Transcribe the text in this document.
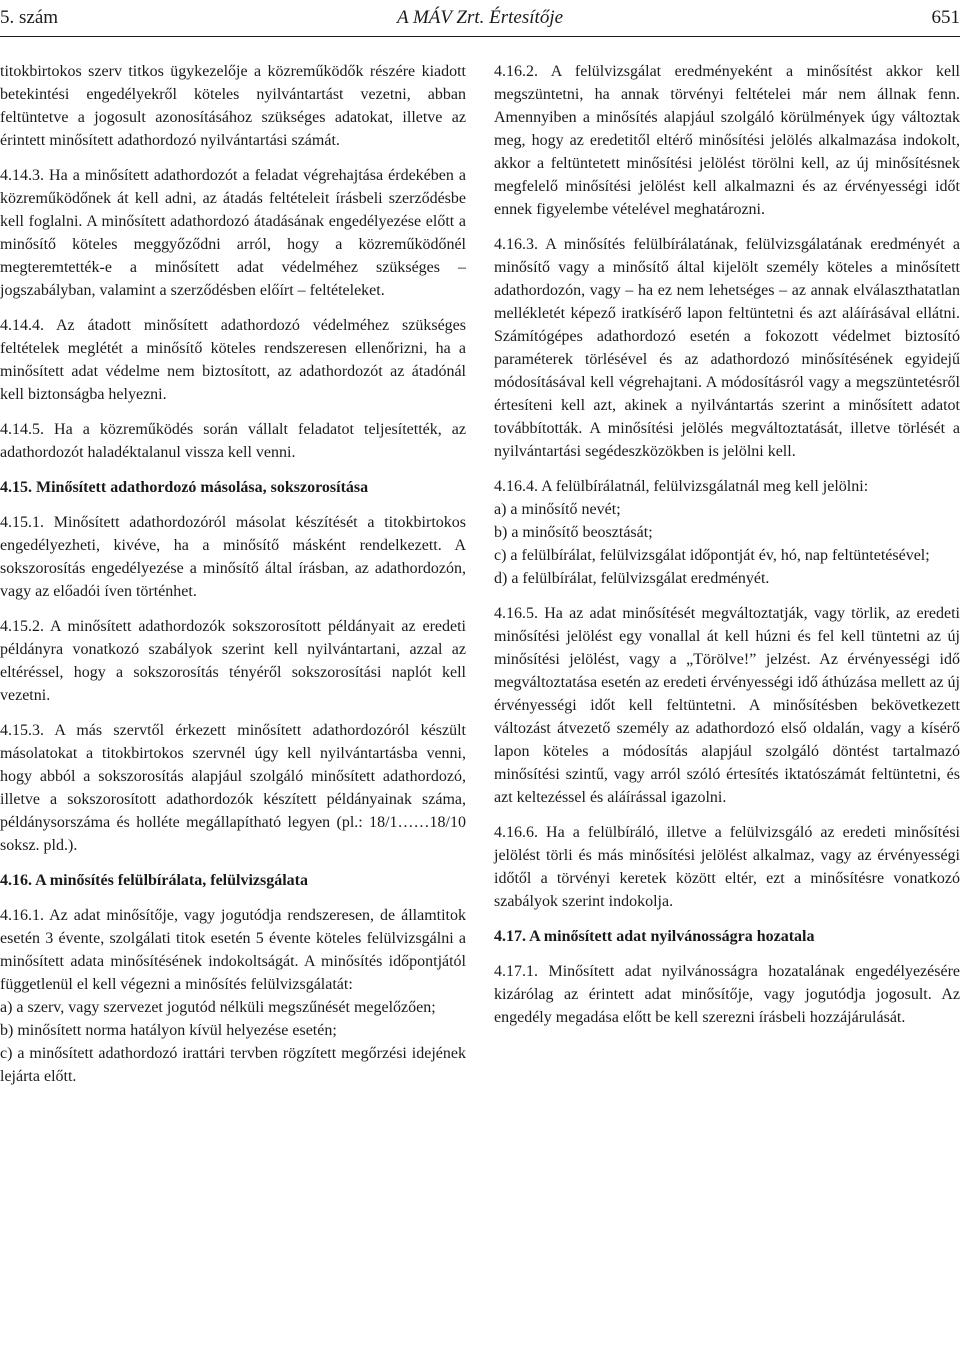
5. szám	A MÁV Zrt. Értesítője	651

titokbirtokos szerv titkos ügykezelője a közreműködők részére kiadott betekintési engedélyekről köteles nyilvántartást vezetni, abban feltüntetve a jogosult azonosításához szükséges adatokat, illetve az érintett minősített adathordozó nyilvántartási számát.

4.14.3. Ha a minősített adathordozót a feladat végrehajtása érdekében a közreműködőnek át kell adni, az átadás feltételeit írásbeli szerződésbe kell foglalni. A minősített adathordozó átadásának engedélyezése előtt a minősítő köteles meggyőződni arról, hogy a közreműködőnél megteremtették-e a minősített adat védelméhez szükséges – jogszabályban, valamint a szerződésben előírt – feltételeket.

4.14.4. Az átadott minősített adathordozó védelméhez szükséges feltételek meglétét a minősítő köteles rendszeresen ellenőrizni, ha a minősített adat védelme nem biztosított, az adathordozót az átadónál kell biztonságba helyezni.

4.14.5. Ha a közreműködés során vállalt feladatot teljesítették, az adathordozót haladéktalanul vissza kell venni.

4.15. Minősített adathordozó másolása, sokszorosítása

4.15.1. Minősített adathordozóról másolat készítését a titokbirtokos engedélyezheti, kivéve, ha a minősítő másként rendelkezett. A sokszorosítás engedélyezése a minősítő által írásban, az adathordozón, vagy az előadói íven történhet.

4.15.2. A minősített adathordozók sokszorosított példányait az eredeti példányra vonatkozó szabályok szerint kell nyilvántartani, azzal az eltéréssel, hogy a sokszorosítás tényéről sokszorosítási naplót kell vezetni.

4.15.3. A más szervtől érkezett minősített adathordozóról készült másolatokat a titokbirtokos szervnél úgy kell nyilvántartásba venni, hogy abból a sokszorosítás alapjául szolgáló minősített adathordozó, illetve a sokszorosított adathordozók készített példányainak száma, példánysorszáma és holléte megállapítható legyen (pl.: 18/1……18/10 soksz. pld.).

4.16. A minősítés felülbírálata, felülvizsgálata

4.16.1. Az adat minősítője, vagy jogutódja rendszeresen, de államtitok esetén 3 évente, szolgálati titok esetén 5 évente köteles felülvizsgálni a minősített adata minősítésének indokoltságát. A minősítés időpontjától függetlenül el kell végezni a minősítés felülvizsgálatát:

a) a szerv, vagy szervezet jogutód nélküli megszűnését megelőzően;

b) minősített norma hatályon kívül helyezése esetén;

c) a minősített adathordozó irattári tervben rögzített megőrzési idejének lejárta előtt.

4.16.2. A felülvizsgálat eredményeként a minősítést akkor kell megszüntetni, ha annak törvényi feltételei már nem állnak fenn. Amennyiben a minősítés alapjául szolgáló körülmények úgy változtak meg, hogy az eredetitől eltérő minősítési jelölés alkalmazása indokolt, akkor a feltüntetett minősítési jelölést törölni kell, az új minősítésnek megfelelő minősítési jelölést kell alkalmazni és az érvényességi időt ennek figyelembe vételével meghatározni.

4.16.3. A minősítés felülbírálatának, felülvizsgálatának eredményét a minősítő vagy a minősítő által kijelölt személy köteles a minősített adathordozón, vagy – ha ez nem lehetséges – az annak elválaszthatatlan mellékletét képező iratkísérő lapon feltüntetni és azt aláírásával ellátni. Számítógépes adathordozó esetén a fokozott védelmet biztosító paraméterek törlésével és az adathordozó minősítésének egyidejű módosításával kell végrehajtani. A módosításról vagy a megszüntetésről értesíteni kell azt, akinek a nyilvántartás szerint a minősített adatot továbbították. A minősítési jelölés megváltoztatását, illetve törlését a nyilvántartási segédeszközökben is jelölni kell.

4.16.4. A felülbírálatnál, felülvizsgálatnál meg kell jelölni:

a) a minősítő nevét;

b) a minősítő beosztását;

c) a felülbírálat, felülvizsgálat időpontját év, hó, nap feltüntetésével;

d) a felülbírálat, felülvizsgálat eredményét.

4.16.5. Ha az adat minősítését megváltoztatják, vagy törlik, az eredeti minősítési jelölést egy vonallal át kell húzni és fel kell tüntetni az új minősítési jelölést, vagy a „Törölve!” jelzést. Az érvényességi idő megváltoztatása esetén az eredeti érvényességi idő áthúzása mellett az új érvényességi időt kell feltüntetni. A minősítésben bekövetkezett változást átvezető személy az adathordozó első oldalán, vagy a kísérő lapon köteles a módosítás alapjául szolgáló döntést tartalmazó minősítési szintű, vagy arról szóló értesítés iktatószámát feltüntetni, és azt keltezéssel és aláírással igazolni.

4.16.6. Ha a felülbíráló, illetve a felülvizsgáló az eredeti minősítési jelölést törli és más minősítési jelölést alkalmaz, vagy az érvényességi időtől a törvényi keretek között eltér, ezt a minősítésre vonatkozó szabályok szerint indokolja.

4.17. A minősített adat nyilvánosságra hozatala

4.17.1. Minősített adat nyilvánosságra hozatalának engedélyezésére kizárólag az érintett adat minősítője, vagy jogutódja jogosult. Az engedély megadása előtt be kell szerezni írásbeli hozzájárulását.
